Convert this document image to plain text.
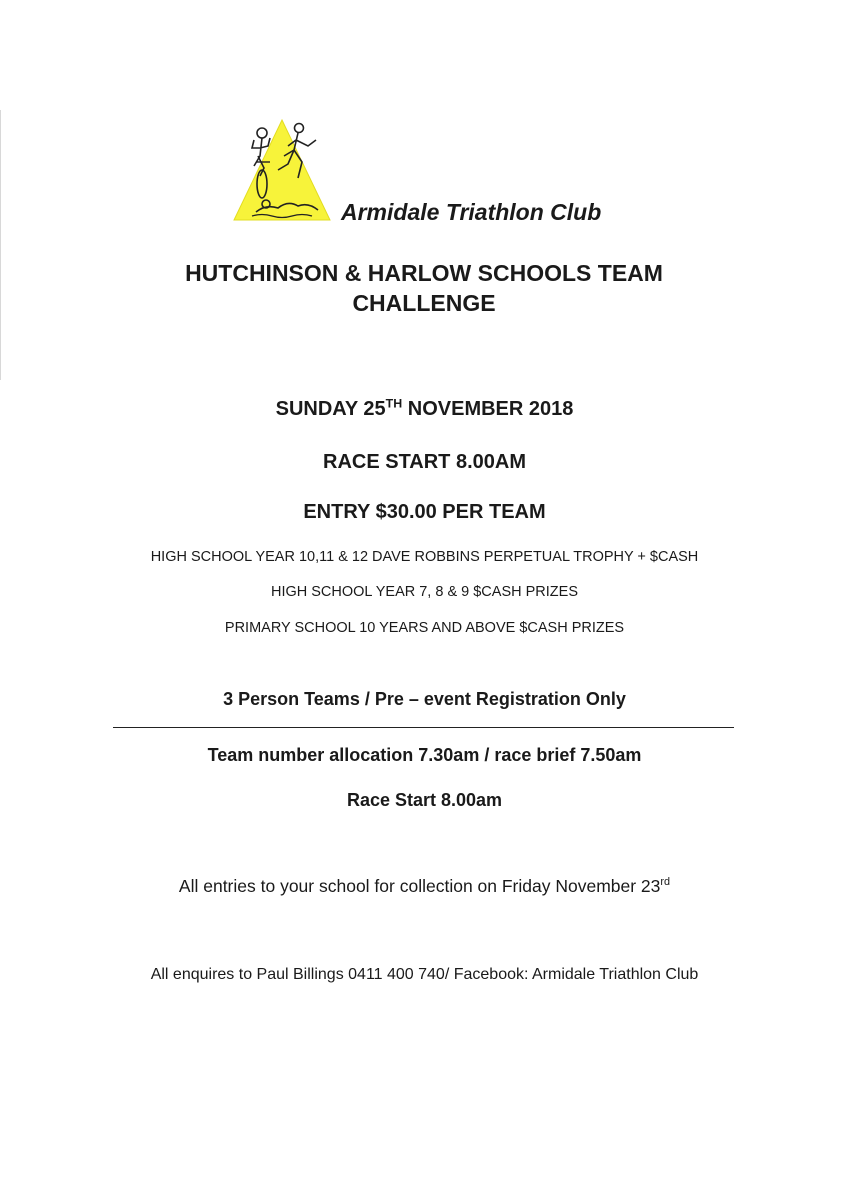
Armidale Triathlon Club
HUTCHINSON & HARLOW SCHOOLS TEAM
CHALLENGE
SUNDAY 25TH NOVEMBER 2018
RACE START 8.00AM
ENTRY $30.00 PER TEAM
HIGH SCHOOL YEAR 10,11 & 12 DAVE ROBBINS PERPETUAL TROPHY + $CASH
HIGH SCHOOL YEAR 7, 8 & 9 $CASH PRIZES
PRIMARY SCHOOL 10 YEARS AND ABOVE $CASH PRIZES
3 Person Teams / Pre – event Registration Only
Team number allocation 7.30am / race brief 7.50am
Race Start 8.00am
All entries to your school for collection on Friday November 23rd
All enquires to Paul Billings 0411 400 740/ Facebook: Armidale Triathlon Club
